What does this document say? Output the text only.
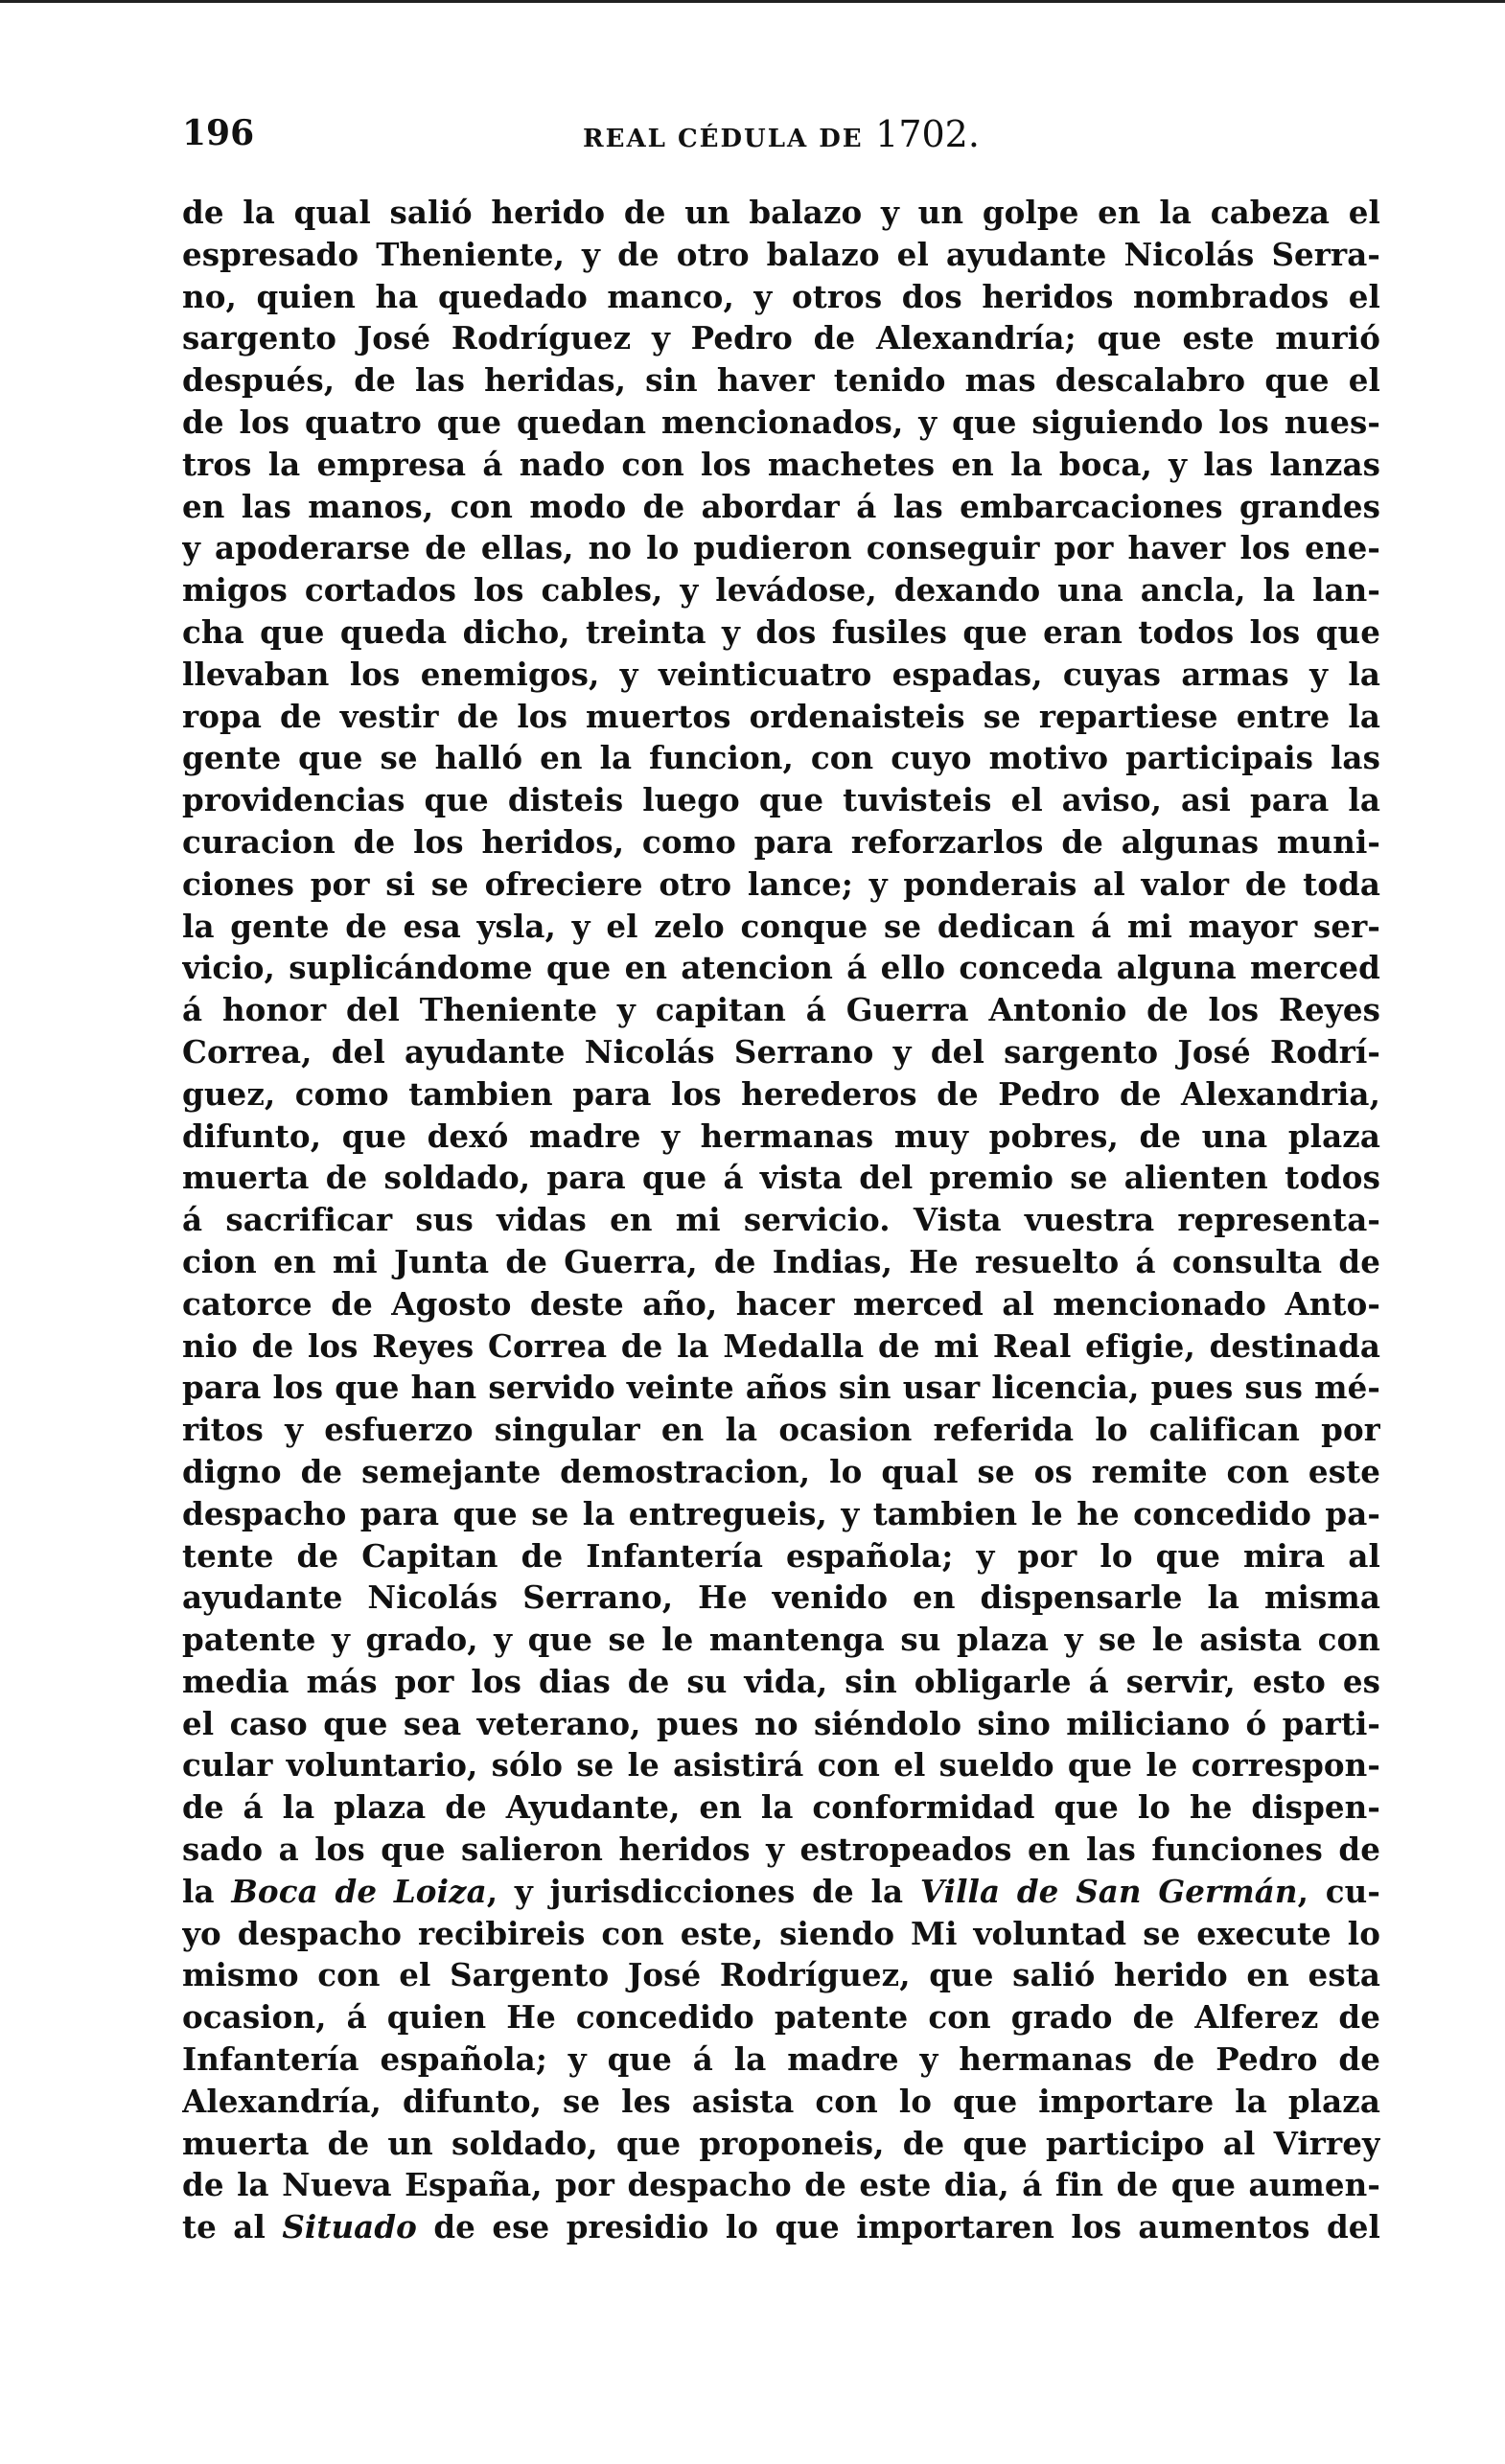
196	REAL CÉDULA DE 1702.
de la qual salió herido de un balazo y un golpe en la cabeza el
espresado Theniente, y de otro balazo el ayudante Nicolás Serra-
no, quien ha quedado manco, y otros dos heridos nombrados el
sargento José Rodríguez y Pedro de Alexandría; que este murió
después, de las heridas, sin haver tenido mas descalabro que el
de los quatro que quedan mencionados, y que siguiendo los nues-
tros la empresa á nado con los machetes en la boca, y las lanzas
en las manos, con modo de abordar á las embarcaciones grandes
y apoderarse de ellas, no lo pudieron conseguir por haver los ene-
migos cortados los cables, y levádose, dexando una ancla, la lan-
cha que queda dicho, treinta y dos fusiles que eran todos los que
llevaban los enemigos, y veinticuatro espadas, cuyas armas y la
ropa de vestir de los muertos ordenaisteis se repartiese entre la
gente que se halló en la funcion, con cuyo motivo participais las
providencias que disteis luego que tuvisteis el aviso, asi para la
curacion de los heridos, como para reforzarlos de algunas muni-
ciones por si se ofreciere otro lance; y ponderais al valor de toda
la gente de esa ysla, y el zelo conque se dedican á mi mayor ser-
vicio, suplicándome que en atencion á ello conceda alguna merced
á honor del Theniente y capitan á Guerra Antonio de los Reyes
Correa, del ayudante Nicolás Serrano y del sargento José Rodrí-
guez, como tambien para los herederos de Pedro de Alexandria,
difunto, que dexó madre y hermanas muy pobres, de una plaza
muerta de soldado, para que á vista del premio se alienten todos
á sacrificar sus vidas en mi servicio. Vista vuestra representa-
cion en mi Junta de Guerra, de Indias, He resuelto á consulta de
catorce de Agosto deste año, hacer merced al mencionado Anto-
nio de los Reyes Correa de la Medalla de mi Real efigie, destinada
para los que han servido veinte años sin usar licencia, pues sus mé-
ritos y esfuerzo singular en la ocasion referida lo califican por
digno de semejante demostracion, lo qual se os remite con este
despacho para que se la entregueis, y tambien le he concedido pa-
tente de Capitan de Infantería española; y por lo que mira al
ayudante Nicolás Serrano, He venido en dispensarle la misma
patente y grado, y que se le mantenga su plaza y se le asista con
media más por los dias de su vida, sin obligarle á servir, esto es
el caso que sea veterano, pues no siéndolo sino miliciano ó parti-
cular voluntario, sólo se le asistirá con el sueldo que le correspon-
de á la plaza de Ayudante, en la conformidad que lo he dispen-
sado a los que salieron heridos y estropeados en las funciones de
la Boca de Loiza, y jurisdicciones de la Villa de San Germán, cu-
yo despacho recibireis con este, siendo Mi voluntad se execute lo
mismo con el Sargento José Rodríguez, que salió herido en esta
ocasion, á quien He concedido patente con grado de Alferez de
Infantería española; y que á la madre y hermanas de Pedro de
Alexandría, difunto, se les asista con lo que importare la plaza
muerta de un soldado, que proponeis, de que participo al Virrey
de la Nueva España, por despacho de este dia, á fin de que aumen-
te al Situado de ese presidio lo que importaren los aumentos del
